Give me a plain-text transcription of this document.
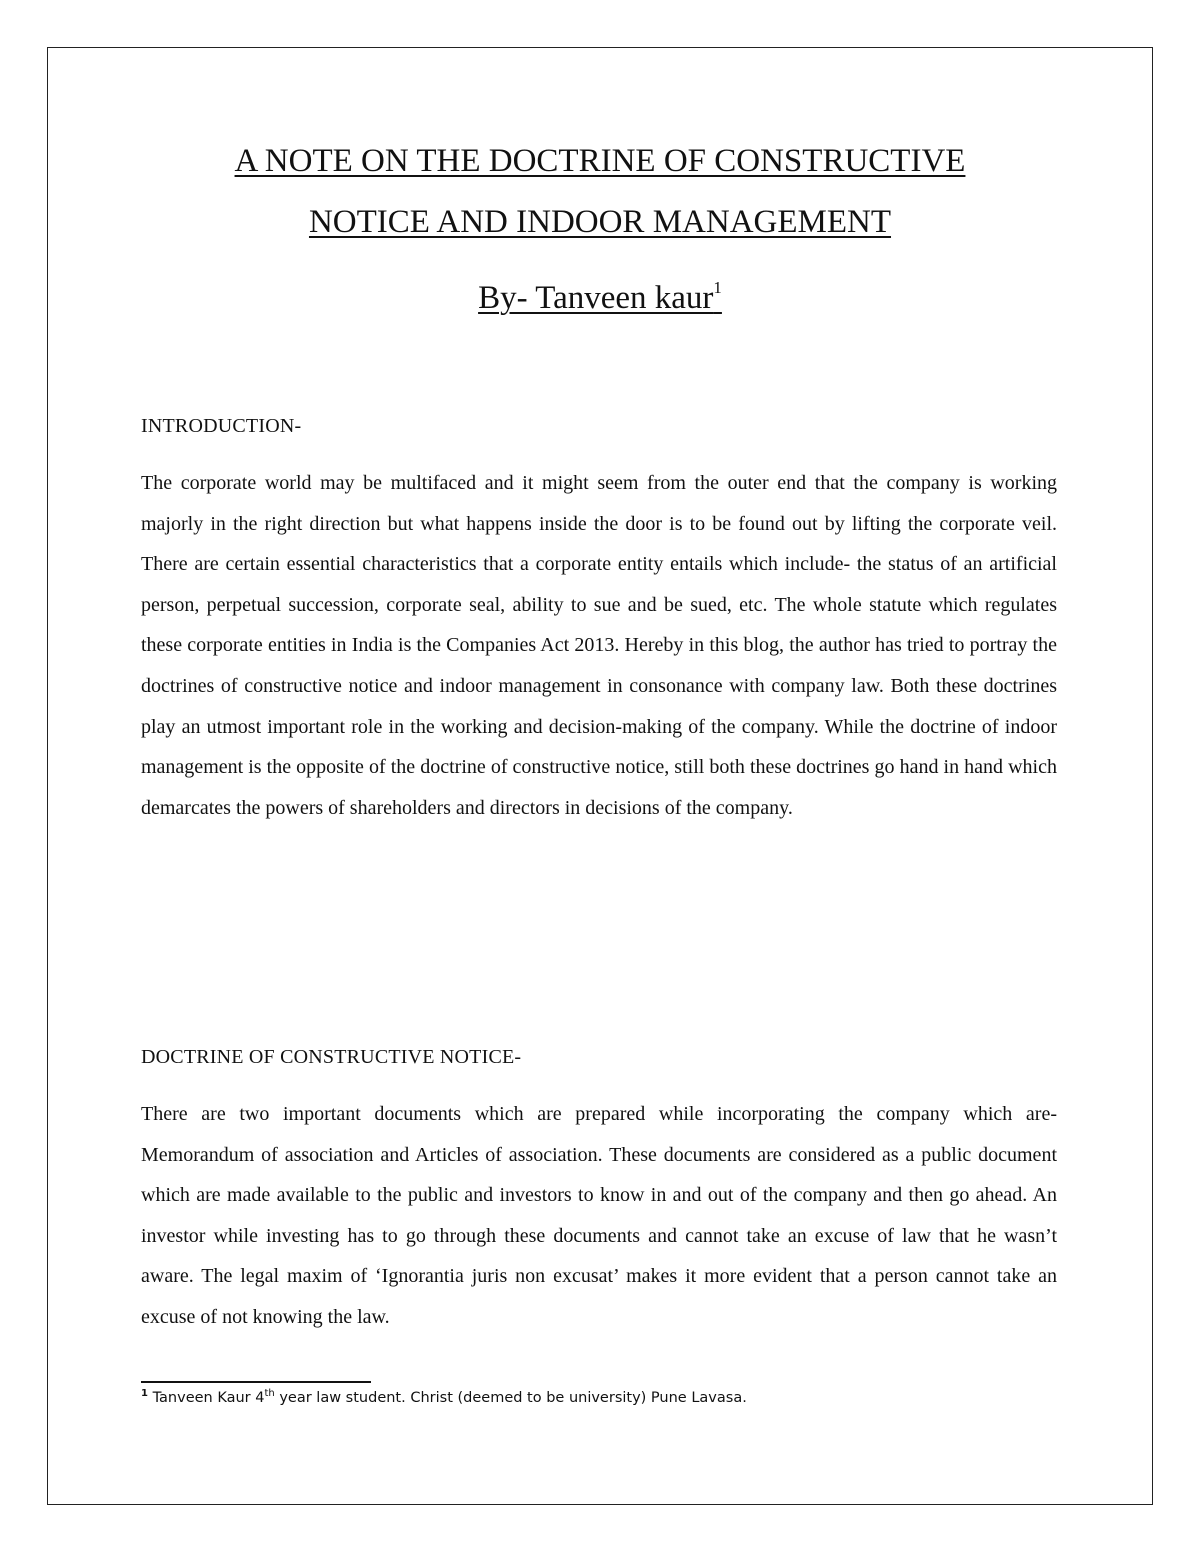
A NOTE ON THE DOCTRINE OF CONSTRUCTIVE
NOTICE AND INDOOR MANAGEMENT
By- Tanveen kaur$^1$
INTRODUCTION-
The corporate world may be multifaced and it might seem from the outer end that the company is working majorly in the right direction but what happens inside the door is to be found out by lifting the corporate veil. There are certain essential characteristics that a corporate entity entails which include- the status of an artificial person, perpetual succession, corporate seal, ability to sue and be sued, etc. The whole statute which regulates these corporate entities in India is the Companies Act 2013. Hereby in this blog, the author has tried to portray the doctrines of constructive notice and indoor management in consonance with company law. Both these doctrines play an utmost important role in the working and decision-making of the company. While the doctrine of indoor management is the opposite of the doctrine of constructive notice, still both these doctrines go hand in hand which demarcates the powers of shareholders and directors in decisions of the company.
DOCTRINE OF CONSTRUCTIVE NOTICE-
There are two important documents which are prepared while incorporating the company which are- Memorandum of association and Articles of association. These documents are considered as a public document which are made available to the public and investors to know in and out of the company and then go ahead. An investor while investing has to go through these documents and cannot take an excuse of law that he wasn’t aware. The legal maxim of ‘Ignorantia juris non excusat’ makes it more evident that a person cannot take an excuse of not knowing the law.
$^1$ Tanveen Kaur 4th year law student. Christ (deemed to be university) Pune Lavasa.
